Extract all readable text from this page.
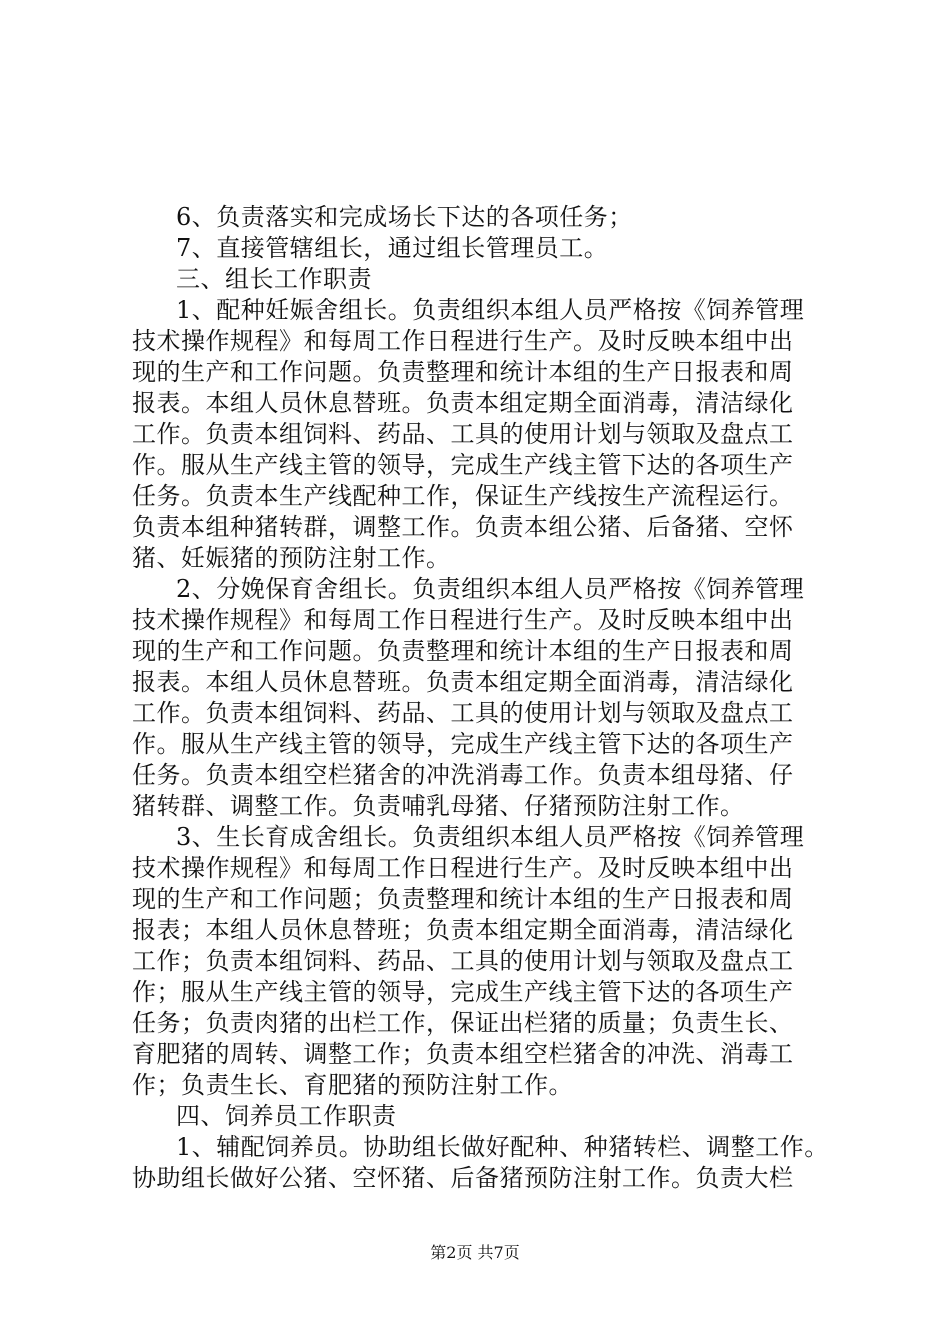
6、负责落实和完成场长下达的各项任务；
7、直接管辖组长，通过组长管理员工。
三、组长工作职责
1、配种妊娠舍组长。负责组织本组人员严格按《饲养管理
技术操作规程》和每周工作日程进行生产。及时反映本组中出
现的生产和工作问题。负责整理和统计本组的生产日报表和周
报表。本组人员休息替班。负责本组定期全面消毒，清洁绿化
工作。负责本组饲料、药品、工具的使用计划与领取及盘点工
作。服从生产线主管的领导，完成生产线主管下达的各项生产
任务。负责本生产线配种工作，保证生产线按生产流程运行。
负责本组种猪转群，调整工作。负责本组公猪、后备猪、空怀
猪、妊娠猪的预防注射工作。
2、分娩保育舍组长。负责组织本组人员严格按《饲养管理
技术操作规程》和每周工作日程进行生产。及时反映本组中出
现的生产和工作问题。负责整理和统计本组的生产日报表和周
报表。本组人员休息替班。负责本组定期全面消毒，清洁绿化
工作。负责本组饲料、药品、工具的使用计划与领取及盘点工
作。服从生产线主管的领导，完成生产线主管下达的各项生产
任务。负责本组空栏猪舍的冲洗消毒工作。负责本组母猪、仔
猪转群、调整工作。负责哺乳母猪、仔猪预防注射工作。
3、生长育成舍组长。负责组织本组人员严格按《饲养管理
技术操作规程》和每周工作日程进行生产。及时反映本组中出
现的生产和工作问题；负责整理和统计本组的生产日报表和周
报表；本组人员休息替班；负责本组定期全面消毒，清洁绿化
工作；负责本组饲料、药品、工具的使用计划与领取及盘点工
作；服从生产线主管的领导，完成生产线主管下达的各项生产
任务；负责肉猪的出栏工作，保证出栏猪的质量；负责生长、
育肥猪的周转、调整工作；负责本组空栏猪舍的冲洗、消毒工
作；负责生长、育肥猪的预防注射工作。
四、饲养员工作职责
1、辅配饲养员。协助组长做好配种、种猪转栏、调整工作。
协助组长做好公猪、空怀猪、后备猪预防注射工作。负责大栏
第2页 共7页
